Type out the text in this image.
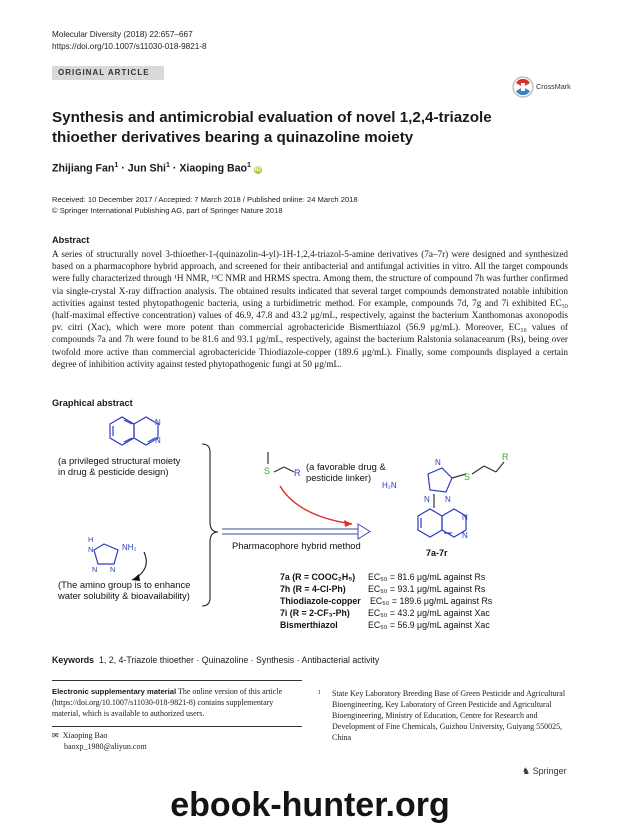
Molecular Diversity (2018) 22:657–667
https://doi.org/10.1007/s11030-018-9821-8
ORIGINAL ARTICLE
CrossMark
Synthesis and antimicrobial evaluation of novel 1,2,4-triazole thioether derivatives bearing a quinazoline moiety
Zhijiang Fan$^1$ · Jun Shi$^1$ · Xiaoping Bao$^1$ iD
Received: 10 December 2017 / Accepted: 7 March 2018 / Published online: 24 March 2018
© Springer International Publishing AG, part of Springer Nature 2018
Abstract
A series of structurally novel 3-thioether-1-(quinazolin-4-yl)-1H-1,2,4-triazol-5-amine derivatives (7a–7r) were designed and synthesized based on a pharmacophore hybrid approach, and screened for their antibacterial and antifungal activities in vitro. All the target compounds were fully characterized through ¹H NMR, ¹³C NMR and HRMS spectra. Among them, the structure of compound 7h was further confirmed via single-crystal X-ray diffraction analysis. The obtained results indicated that several target compounds demonstrated notable inhibition activities against tested phytopathogenic bacteria, using a turbidimetric method. For example, compounds 7d, 7g and 7i exhibited EC₅₀ (half-maximal effective concentration) values of 46.9, 47.8 and 43.2 μg/mL, respectively, against the bacterium Xanthomonas axonopodis pv. citri (Xac), which were more potent than commercial agrobactericide Bismerthiazol (56.9 μg/mL). Moreover, EC₅₀ values of compounds 7a and 7h were found to be 81.6 and 93.1 μg/mL, respectively, against the bacterium Ralstonia solanacearum (Rs), being over twofold more active than commercial agrobactericide Thiodiazole-copper (189.6 μg/mL). Finally, some compounds displayed a certain degree of inhibition activity against tested phytopathogenic fungi at 50 μg/mL.
Graphical abstract
N
N
(a privileged structural moiety
in drug & pesticide design)	S	R
(a favorable drug &
pesticide linker)
H
N
N N
NH₂
(The amino group is to enhance
water solubility & bioavailability)
Pharmacophore hybrid method
N
N
N
S
R
H₂N
N
N
7a-7r
7a (R = COOC₂H₅) EC₅₀ = 81.6 μg/mL against Rs
7h (R = 4-Cl-Ph)	EC₅₀ = 93.1 μg/mL against Rs
Thiodiazole-copper EC₅₀ = 189.6 μg/mL against Rs
7i (R = 2-CF₃-Ph) EC₅₀ = 43.2 μg/mL against Xac
Bismerthiazol	EC₅₀ = 56.9 μg/mL against Xac
Keywords 1, 2, 4-Triazole thioether · Quinazoline · Synthesis · Antibacterial activity
Electronic supplementary material The online version of this article (https://doi.org/10.1007/s11030-018-9821-8) contains supplementary material, which is available to authorized users.
✉ Xiaoping Bao
baoxp_1980@aliyun.com
1	State Key Laboratory Breeding Base of Green Pesticide and Agricultural Bioengineering, Key Laboratory of Green Pesticide and Agricultural Bioengineering, Ministry of Education, Centre for Research and Development of Fine Chemicals, Guizhou University, Guiyang 550025, China
♞ Springer
ebook-hunter.org
